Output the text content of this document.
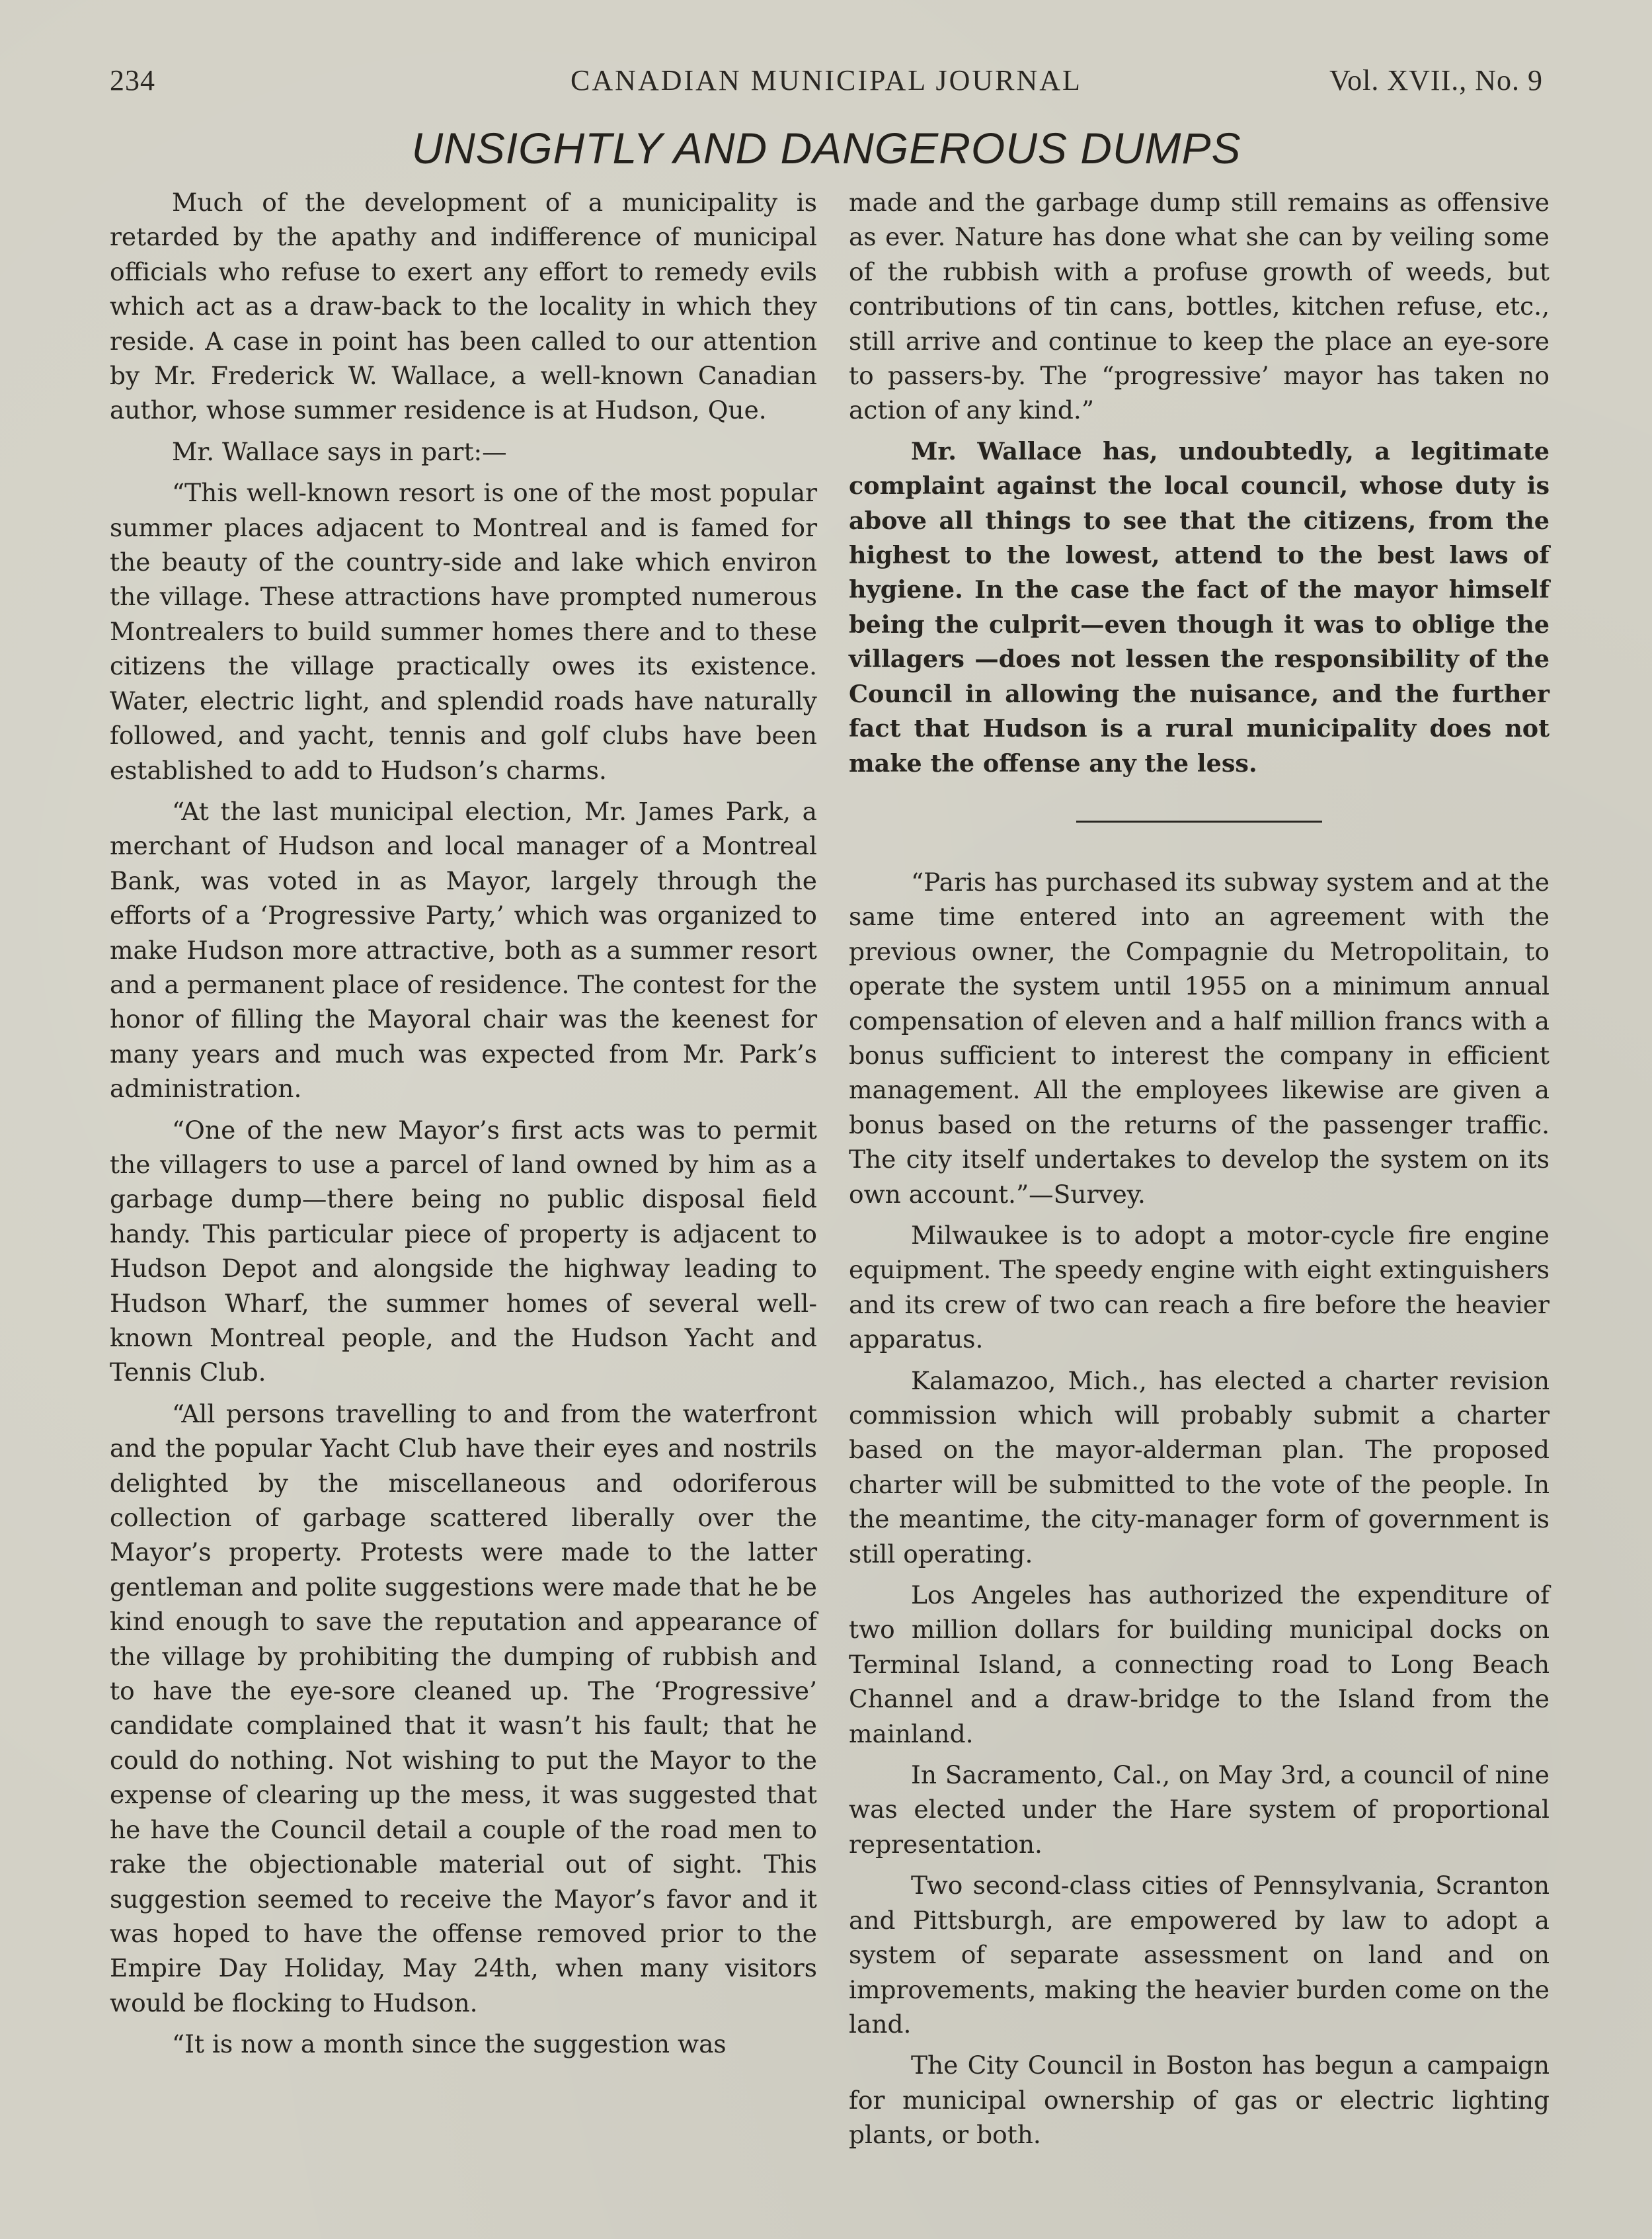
234	CANADIAN MUNICIPAL JOURNAL	Vol. XVII., No. 9
UNSIGHTLY AND DANGEROUS DUMPS

Much of the development of a municipality is retarded by the apathy and indifference of municipal officials who refuse to exert any effort to remedy evils which act as a draw-back to the locality in which they reside. A case in point has been called to our attention by Mr. Frederick W. Wallace, a well-known Canadian author, whose summer residence is at Hudson, Que.

Mr. Wallace says in part:—

“This well-known resort is one of the most popular summer places adjacent to Montreal and is famed for the beauty of the country-side and lake which environ the village. These attractions have prompted numerous Montrealers to build summer homes there and to these citizens the village practically owes its existence. Water, electric light, and splendid roads have naturally followed, and yacht, tennis and golf clubs have been established to add to Hudson’s charms.

“At the last municipal election, Mr. James Park, a merchant of Hudson and local manager of a Montreal Bank, was voted in as Mayor, largely through the efforts of a ‘Progressive Party,’ which was organized to make Hudson more attractive, both as a summer resort and a permanent place of residence. The contest for the honor of filling the Mayoral chair was the keenest for many years and much was expected from Mr. Park’s administration.

“One of the new Mayor’s first acts was to permit the villagers to use a parcel of land owned by him as a garbage dump—there being no public disposal field handy. This particular piece of property is adjacent to Hudson Depot and alongside the highway leading to Hudson Wharf, the summer homes of several well-known Montreal people, and the Hudson Yacht and Tennis Club.

“All persons travelling to and from the waterfront and the popular Yacht Club have their eyes and nostrils delighted by the miscellaneous and odoriferous collection of garbage scattered liberally over the Mayor’s property. Protests were made to the latter gentleman and polite suggestions were made that he be kind enough to save the reputation and appearance of the village by prohibiting the dumping of rubbish and to have the eye-sore cleaned up. The ‘Progressive’ candidate complained that it wasn’t his fault; that he could do nothing. Not wishing to put the Mayor to the expense of clearing up the mess, it was suggested that he have the Council detail a couple of the road men to rake the objectionable material out of sight. This suggestion seemed to receive the Mayor’s favor and it was hoped to have the offense removed prior to the Empire Day Holiday, May 24th, when many visitors would be flocking to Hudson.

“It is now a month since the suggestion was

made and the garbage dump still remains as offensive as ever. Nature has done what she can by veiling some of the rubbish with a profuse growth of weeds, but contributions of tin cans, bottles, kitchen refuse, etc., still arrive and continue to keep the place an eye-sore to passers-by. The “progressive’ mayor has taken no action of any kind.”

Mr. Wallace has, undoubtedly, a legitimate complaint against the local council, whose duty is above all things to see that the citizens, from the highest to the lowest, attend to the best laws of hygiene. In the case the fact of the mayor himself being the culprit—even though it was to oblige the villagers —does not lessen the responsibility of the Council in allowing the nuisance, and the further fact that Hudson is a rural municipality does not make the offense any the less.

“Paris has purchased its subway system and at the same time entered into an agreement with the previous owner, the Compagnie du Metropolitain, to operate the system until 1955 on a minimum annual compensation of eleven and a half million francs with a bonus sufficient to interest the company in efficient management. All the employees likewise are given a bonus based on the returns of the passenger traffic. The city itself undertakes to develop the system on its own account.”—Survey.

Milwaukee is to adopt a motor-cycle fire engine equipment. The speedy engine with eight extinguishers and its crew of two can reach a fire before the heavier apparatus.

Kalamazoo, Mich., has elected a charter revision commission which will probably submit a charter based on the mayor-alderman plan. The proposed charter will be submitted to the vote of the people. In the meantime, the city-manager form of government is still operating.

Los Angeles has authorized the expenditure of two million dollars for building municipal docks on Terminal Island, a connecting road to Long Beach Channel and a draw-bridge to the Island from the mainland.

In Sacramento, Cal., on May 3rd, a council of nine was elected under the Hare system of proportional representation.

Two second-class cities of Pennsylvania, Scranton and Pittsburgh, are empowered by law to adopt a system of separate assessment on land and on improvements, making the heavier burden come on the land.

The City Council in Boston has begun a campaign for municipal ownership of gas or electric lighting plants, or both.
